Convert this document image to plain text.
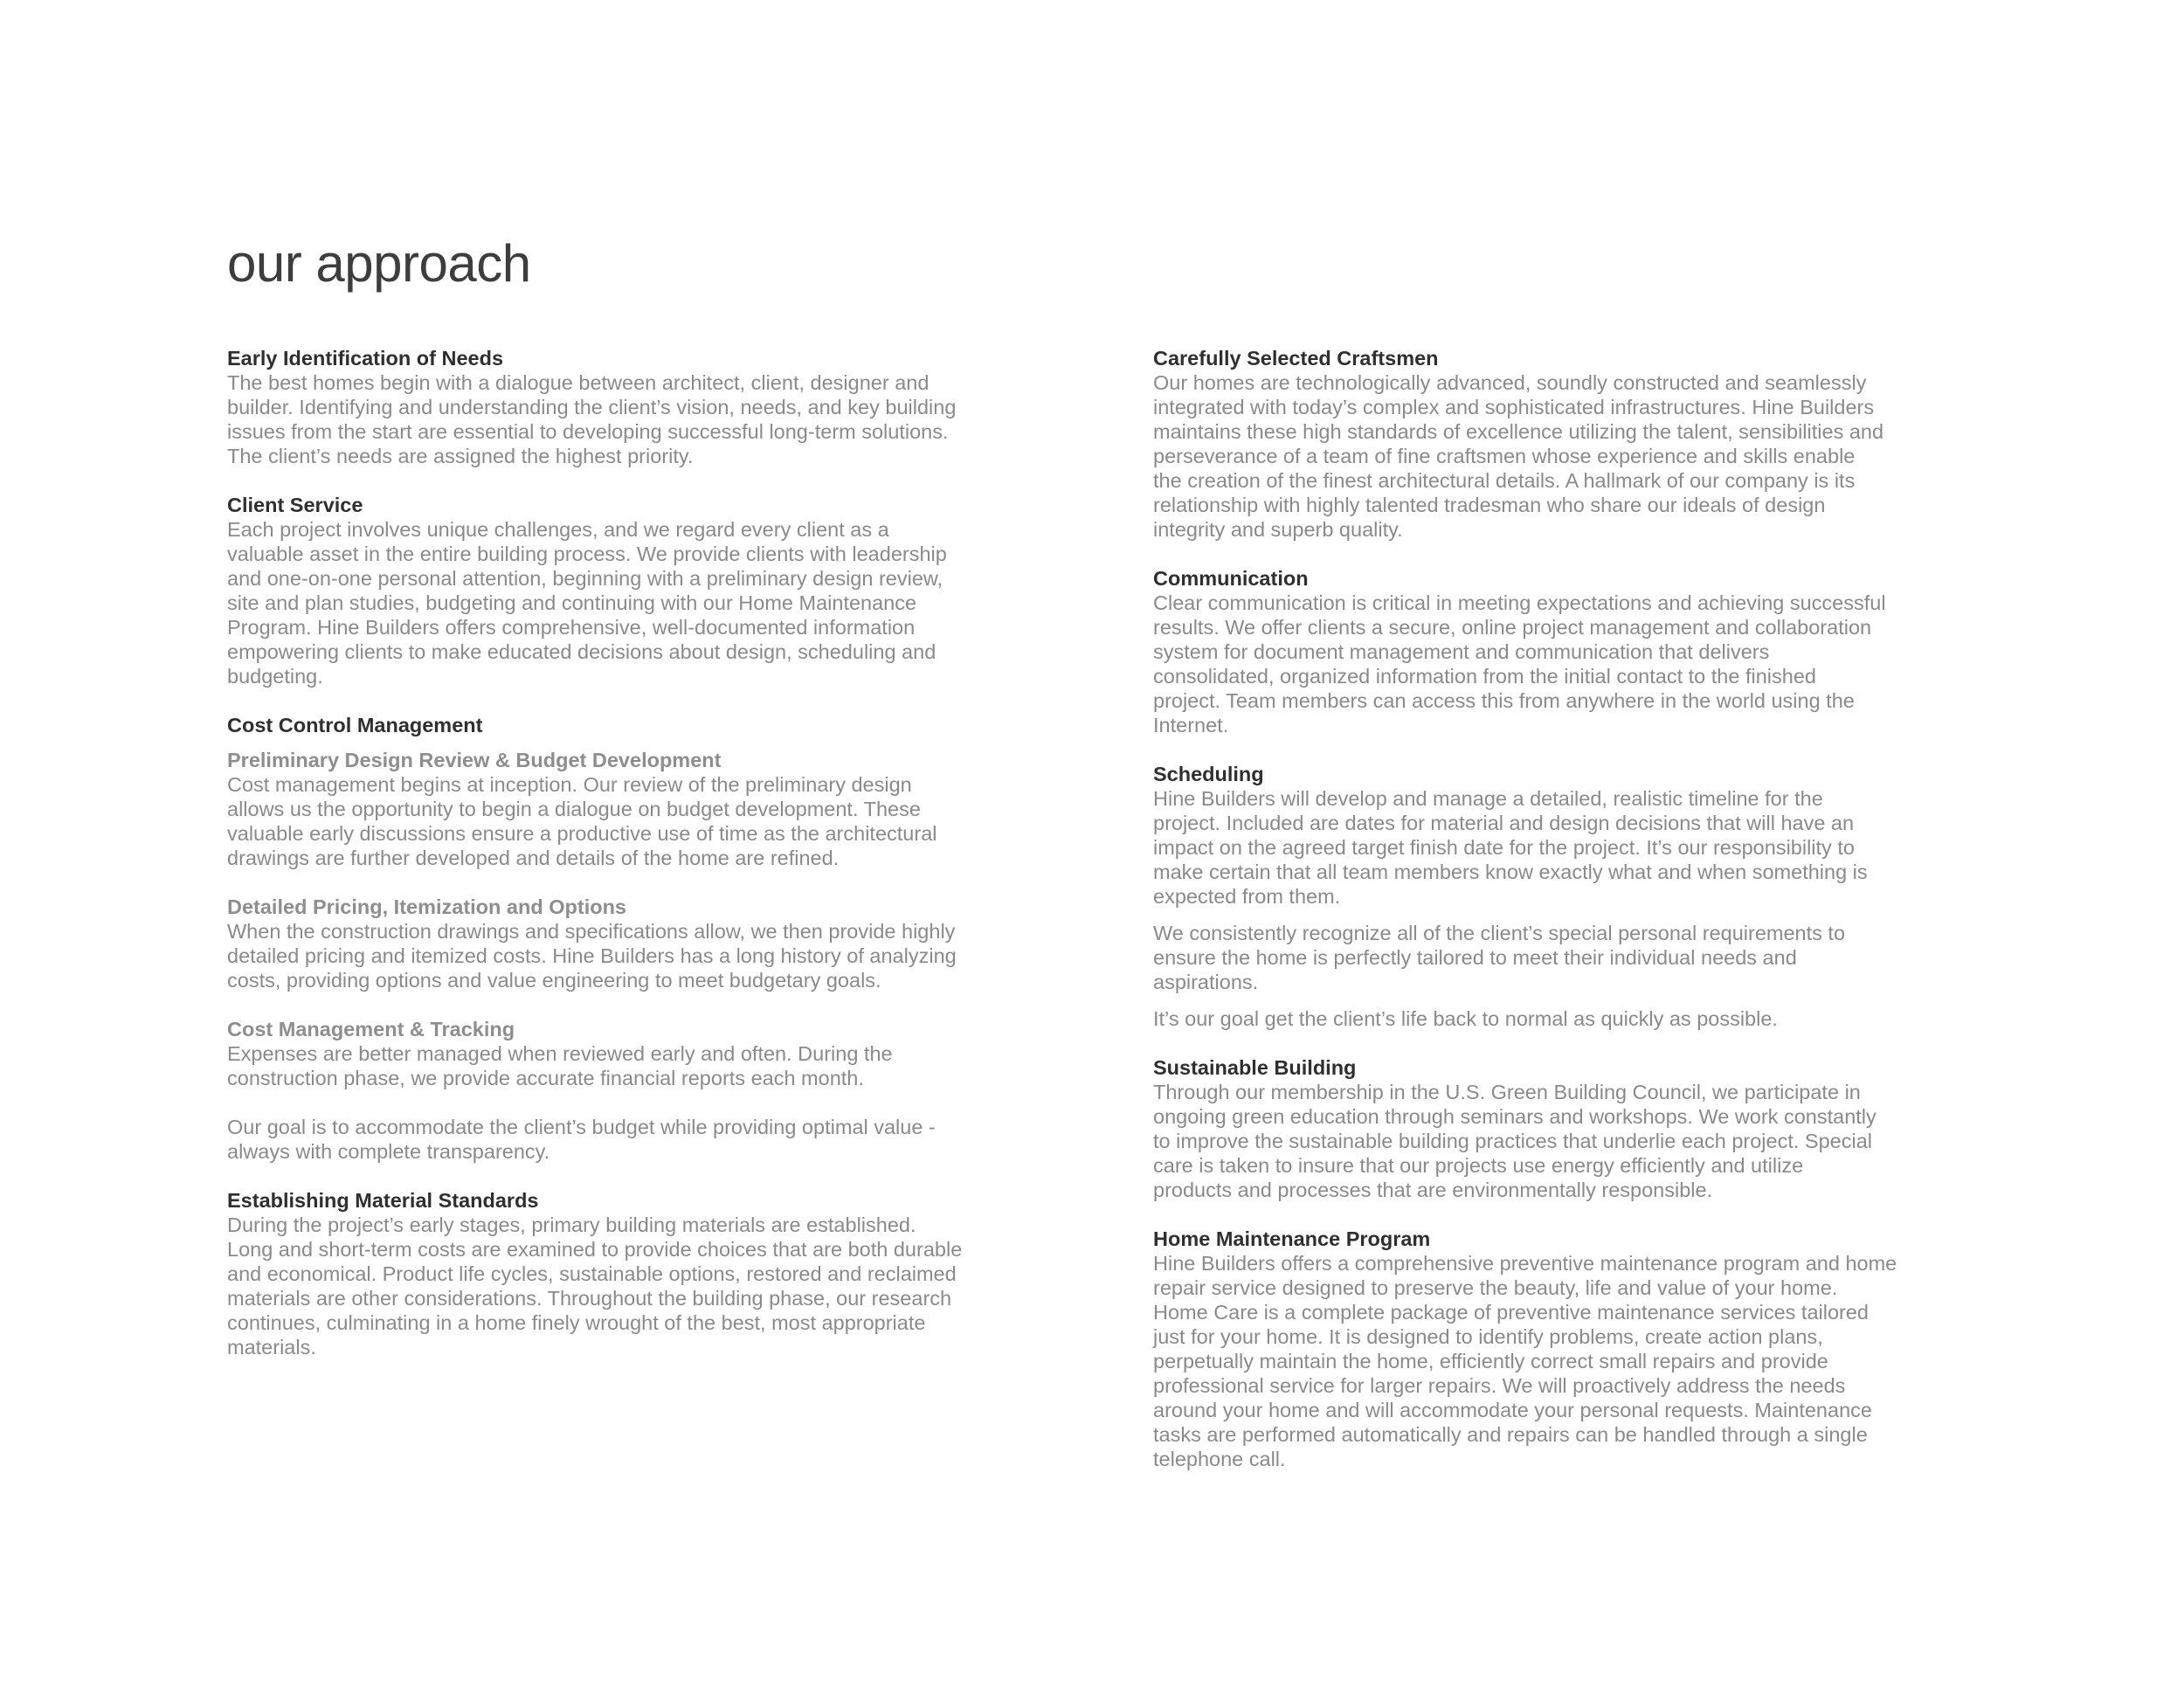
our approach
Early Identification of Needs

The best homes begin with a dialogue between architect, client, designer and
builder. Identifying and understanding the client’s vision, needs, and key building
issues from the start are essential to developing successful long-term solutions.
The client’s needs are assigned the highest priority.

Client Service

Each project involves unique challenges, and we regard every client as a
valuable asset in the entire building process. We provide clients with leadership
and one-on-one personal attention, beginning with a preliminary design review,
site and plan studies, budgeting and continuing with our Home Maintenance
Program. Hine Builders offers comprehensive, well-documented information
empowering clients to make educated decisions about design, scheduling and
budgeting.

Cost Control Management
Preliminary Design Review & Budget Development

Cost management begins at inception. Our review of the preliminary design
allows us the opportunity to begin a dialogue on budget development. These
valuable early discussions ensure a productive use of time as the architectural
drawings are further developed and details of the home are refined.

Detailed Pricing, Itemization and Options

When the construction drawings and specifications allow, we then provide highly
detailed pricing and itemized costs. Hine Builders has a long history of analyzing
costs, providing options and value engineering to meet budgetary goals.

Cost Management & Tracking

Expenses are better managed when reviewed early and often. During the
construction phase, we provide accurate financial reports each month.

Our goal is to accommodate the client’s budget while providing optimal value -
always with complete transparency.

Establishing Material Standards

During the project’s early stages, primary building materials are established.
Long and short-term costs are examined to provide choices that are both durable
and economical. Product life cycles, sustainable options, restored and reclaimed
materials are other considerations. Throughout the building phase, our research
continues, culminating in a home finely wrought of the best, most appropriate
materials.

Carefully Selected Craftsmen

Our homes are technologically advanced, soundly constructed and seamlessly
integrated with today’s complex and sophisticated infrastructures. Hine Builders
maintains these high standards of excellence utilizing the talent, sensibilities and
perseverance of a team of fine craftsmen whose experience and skills enable
the creation of the finest architectural details. A hallmark of our company is its
relationship with highly talented tradesman who share our ideals of design
integrity and superb quality.

Communication

Clear communication is critical in meeting expectations and achieving successful
results. We offer clients a secure, online project management and collaboration
system for document management and communication that delivers
consolidated, organized information from the initial contact to the finished
project. Team members can access this from anywhere in the world using the
Internet.

Scheduling

Hine Builders will develop and manage a detailed, realistic timeline for the
project. Included are dates for material and design decisions that will have an
impact on the agreed target finish date for the project. It’s our responsibility to
make certain that all team members know exactly what and when something is
expected from them.

We consistently recognize all of the client’s special personal requirements to
ensure the home is perfectly tailored to meet their individual needs and
aspirations.

It’s our goal get the client’s life back to normal as quickly as possible.

Sustainable Building

Through our membership in the U.S. Green Building Council, we participate in
ongoing green education through seminars and workshops. We work constantly
to improve the sustainable building practices that underlie each project. Special
care is taken to insure that our projects use energy efficiently and utilize
products and processes that are environmentally responsible.

Home Maintenance Program

Hine Builders offers a comprehensive preventive maintenance program and home
repair service designed to preserve the beauty, life and value of your home.
Home Care is a complete package of preventive maintenance services tailored
just for your home. It is designed to identify problems, create action plans,
perpetually maintain the home, efficiently correct small repairs and provide
professional service for larger repairs. We will proactively address the needs
around your home and will accommodate your personal requests. Maintenance
tasks are performed automatically and repairs can be handled through a single
telephone call.
